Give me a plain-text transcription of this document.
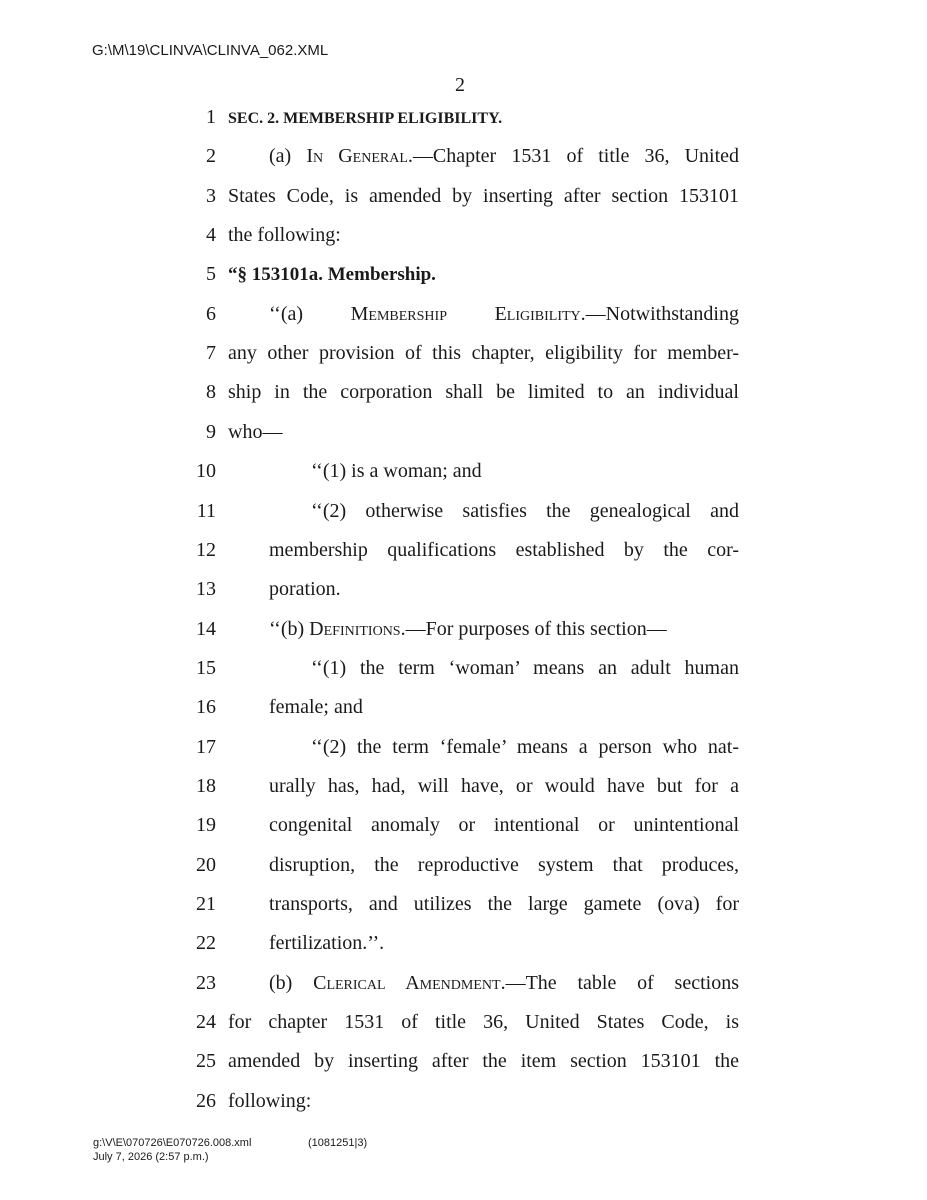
G:\M\19\CLINVA\CLINVA_062.XML
2
1 SEC. 2. MEMBERSHIP ELIGIBILITY.
2	(a) In General.—Chapter 1531 of title 36, United
3 States Code, is amended by inserting after section 153101
4 the following:
5 “§ 153101a. Membership.
6	‘‘(a) Membership Eligibility.—Notwithstanding
7 any other provision of this chapter, eligibility for member-
8 ship in the corporation shall be limited to an individual
9 who—
10	‘‘(1) is a woman; and
11	‘‘(2) otherwise satisfies the genealogical and
12	membership qualifications established by the cor-
13	poration.
14	‘‘(b) Definitions.—For purposes of this section—
15	‘‘(1) the term ‘woman’ means an adult human
16	female; and
17	‘‘(2) the term ‘female’ means a person who nat-
18	urally has, had, will have, or would have but for a
19	congenital anomaly or intentional or unintentional
20	disruption, the reproductive system that produces,
21	transports, and utilizes the large gamete (ova) for
22	fertilization.’’.
23	(b) Clerical Amendment.—The table of sections
24 for chapter 1531 of title 36, United States Code, is
25 amended by inserting after the item section 153101 the
26 following:
g:\V\E\070726\E070726.008.xml
July 7, 2026 (2:57 p.m.)
(1081251|3)
